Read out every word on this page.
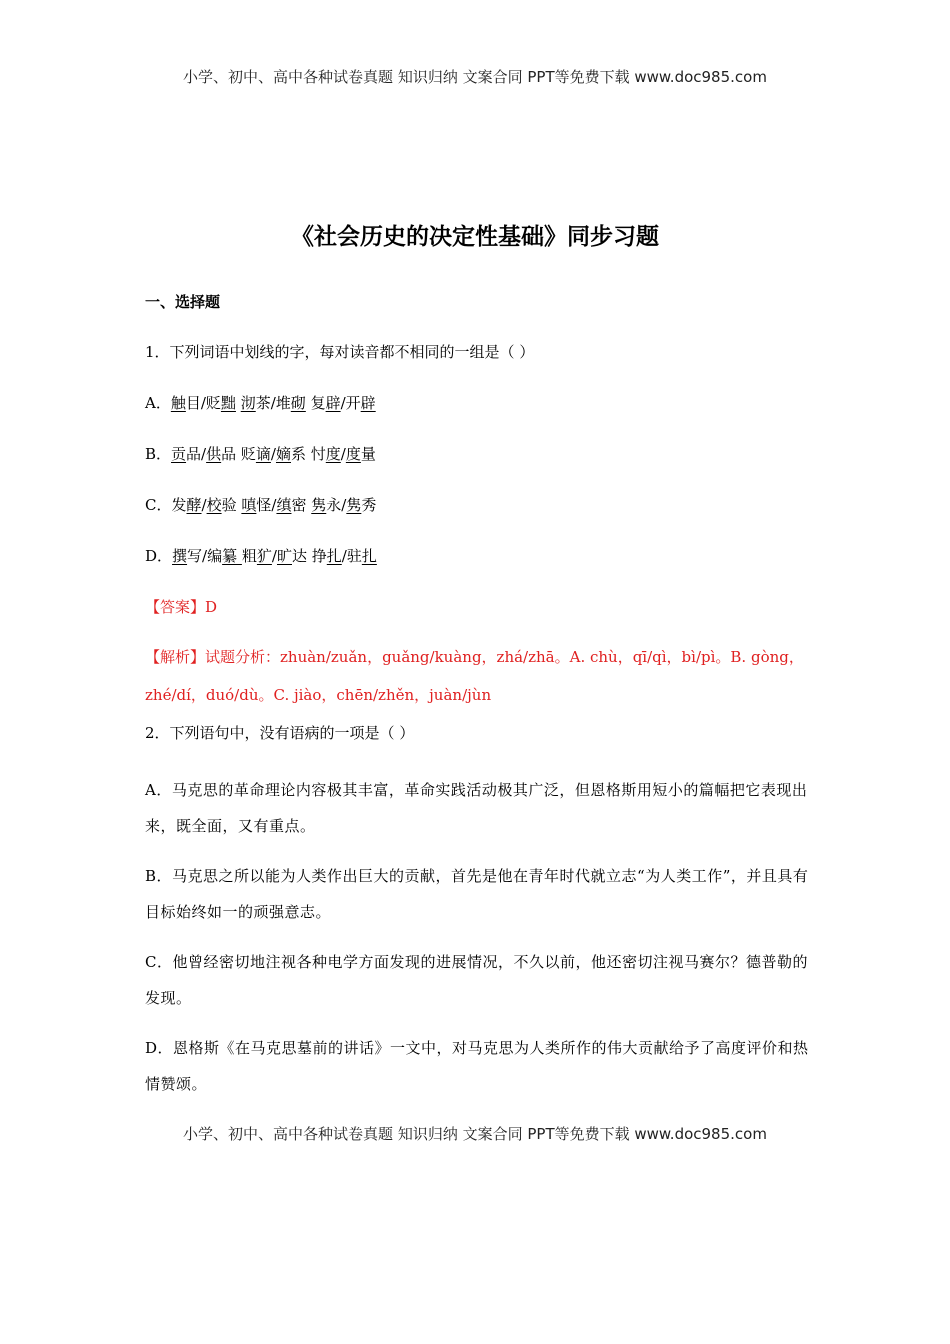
小学、初中、高中各种试卷真题 知识归纳 文案合同 PPT等免费下载 www.doc985.com
《社会历史的决定性基础》同步习题
一、选择题
1．下列词语中划线的字，每对读音都不相同的一组是（ ）
A．触目/贬黜 沏茶/堆砌 复辟/开辟
B．贡品/供品 贬谪/嫡系 忖度/度量
C．发酵/校验 嗔怪/缜密 隽永/隽秀
D．撰写/编纂 粗犷/旷达 挣扎/驻扎
【答案】D
【解析】试题分析：zhuàn/zuǎn，guǎng/kuàng，zhá/zhā。A. chù，qī/qì，bì/pì。B. gòng，zhé/dí，duó/dù。C. jiào，chēn/zhěn，juàn/jùn
2．下列语句中，没有语病的一项是（ ）
A．马克思的革命理论内容极其丰富，革命实践活动极其广泛，但恩格斯用短小的篇幅把它表现出来，既全面，又有重点。
B．马克思之所以能为人类作出巨大的贡献，首先是他在青年时代就立志“为人类工作”，并且具有目标始终如一的顽强意志。
C．他曾经密切地注视各种电学方面发现的进展情况，不久以前，他还密切注视马赛尔？德普勒的发现。
D．恩格斯《在马克思墓前的讲话》一文中，对马克思为人类所作的伟大贡献给予了高度评价和热情赞颂。
小学、初中、高中各种试卷真题 知识归纳 文案合同 PPT等免费下载 www.doc985.com
